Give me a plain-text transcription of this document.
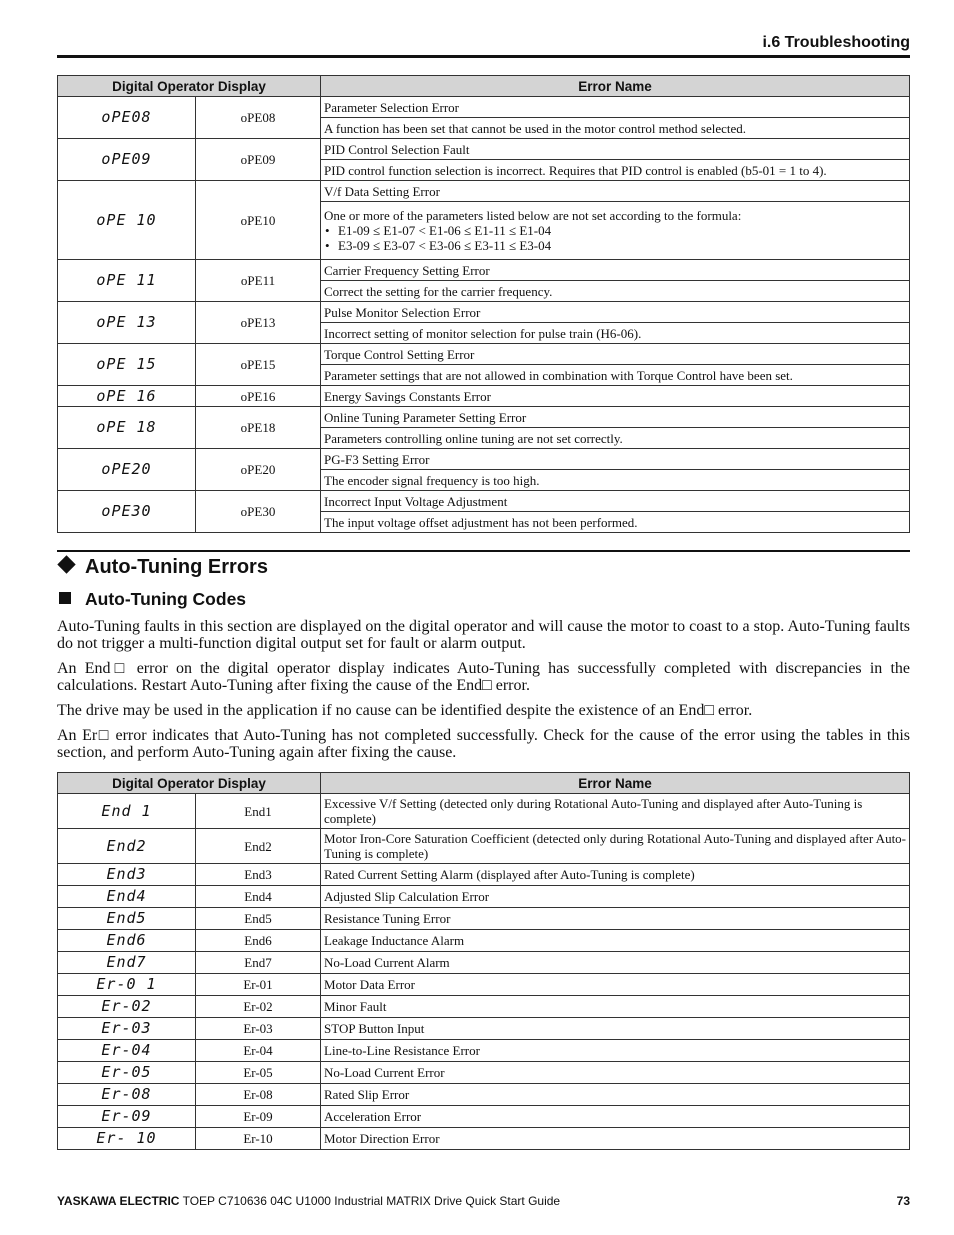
i.6 Troubleshooting
Digital Operator Display		Error Name
oPE08	oPE08	Parameter Selection Error
		A function has been set that cannot be used in the motor control method selected.
oPE09	oPE09	PID Control Selection Fault
		PID control function selection is incorrect. Requires that PID control is enabled (b5-01 = 1 to 4).
oPE 10	oPE10	V/f Data Setting Error

		One or more of the parameters listed below are not set according to the formula:
• E1-09 ≤ E1-07 < E1-06 ≤ E1-11 ≤ E1-04
• E3-09 ≤ E3-07 < E3-06 ≤ E3-11 ≤ E3-04

oPE 11	oPE11	Carrier Frequency Setting Error
		Correct the setting for the carrier frequency.
oPE 13	oPE13	Pulse Monitor Selection Error
		Incorrect setting of monitor selection for pulse train (H6-06).
oPE 15	oPE15	Torque Control Setting Error
		Parameter settings that are not allowed in combination with Torque Control have been set.
oPE 16	oPE16	Energy Savings Constants Error
oPE 18	oPE18	Online Tuning Parameter Setting Error
		Parameters controlling online tuning are not set correctly.
oPE20	oPE20	PG-F3 Setting Error
		The encoder signal frequency is too high.
oPE30	oPE30	Incorrect Input Voltage Adjustment
		The input voltage offset adjustment has not been performed.
Auto-Tuning Errors
Auto-Tuning Codes

Auto-Tuning faults in this section are displayed on the digital operator and will cause the motor to coast to a stop. Auto-Tuning faults do not trigger a multi-function digital output set for fault or alarm output.

An End□ error on the digital operator display indicates Auto-Tuning has successfully completed with discrepancies in the calculations. Restart Auto-Tuning after fixing the cause of the End□ error.

The drive may be used in the application if no cause can be identified despite the existence of an End□ error.

An Er□ error indicates that Auto-Tuning has not completed successfully. Check for the cause of the error using the tables in this section, and perform Auto-Tuning again after fixing the cause.

Digital Operator Display		Error Name
End 1	End1	Excessive V/f Setting (detected only during Rotational Auto-Tuning and displayed after Auto-Tuning is complete)
End2	End2	Motor Iron-Core Saturation Coefficient (detected only during Rotational Auto-Tuning and displayed after Auto-Tuning is complete)
End3	End3	Rated Current Setting Alarm (displayed after Auto-Tuning is complete)
End4	End4	Adjusted Slip Calculation Error
End5	End5	Resistance Tuning Error
End6	End6	Leakage Inductance Alarm
End7	End7	No-Load Current Alarm
Er-0 1	Er-01	Motor Data Error
Er-02	Er-02	Minor Fault
Er-03	Er-03	STOP Button Input
Er-04	Er-04	Line-to-Line Resistance Error
Er-05	Er-05	No-Load Current Error
Er-08	Er-08	Rated Slip Error
Er-09	Er-09	Acceleration Error
Er- 10	Er-10	Motor Direction Error
YASKAWA ELECTRIC TOEP C710636 04C U1000 Industrial MATRIX Drive Quick Start Guide	73
